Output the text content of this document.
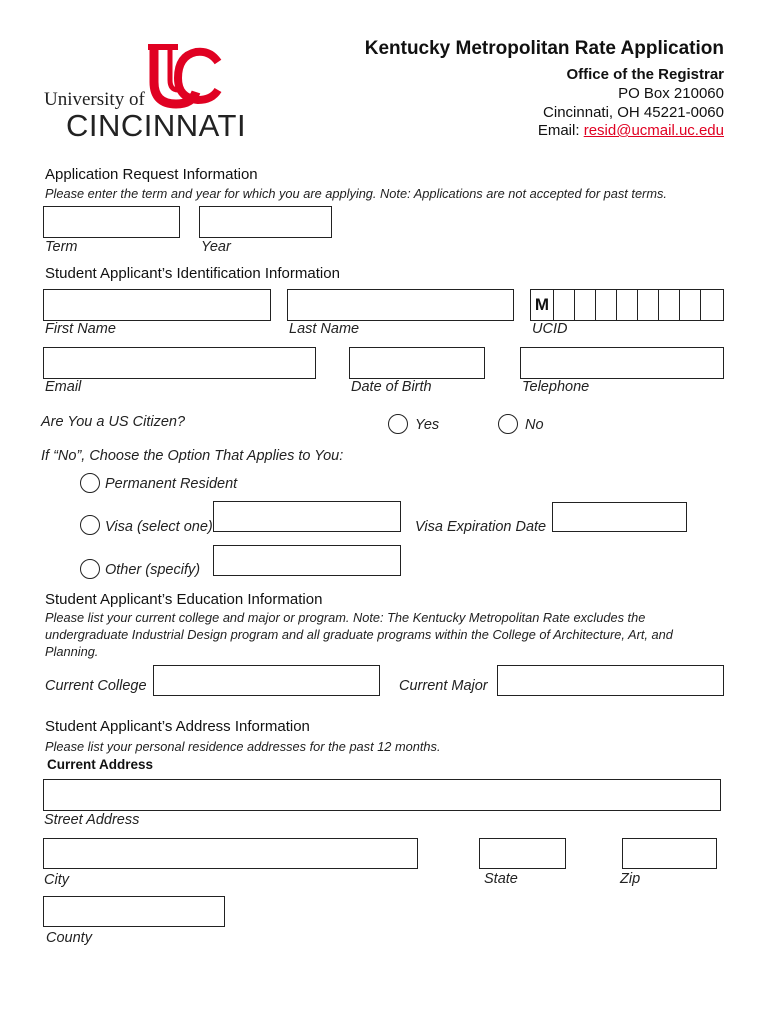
University of
CINCINNATI
Kentucky Metropolitan Rate Application
Office of the Registrar
PO Box 210060
Cincinnati, OH 45221-0060
Email: resid@ucmail.uc.edu
Application Request Information
Please enter the term and year for which you are applying. Note: Applications are not accepted for past terms.
Term	Year
Student Applicant’s Identification Information
M
First Name	Last Name	UCID
Email	Date of Birth	Telephone
Are You a US Citizen?	Yes	No
If “No”, Choose the Option That Applies to You:
Permanent Resident
Visa (select one)	Visa Expiration Date
Other (specify)
Student Applicant’s Education Information
Please list your current college and major or program. Note: The Kentucky Metropolitan Rate excludes the undergraduate Industrial Design program and all graduate programs within the College of Architecture, Art, and Planning.
Current College	Current Major
Student Applicant’s Address Information
Please list your personal residence addresses for the past 12 months.
Current Address
Street Address
City	State	Zip
County
